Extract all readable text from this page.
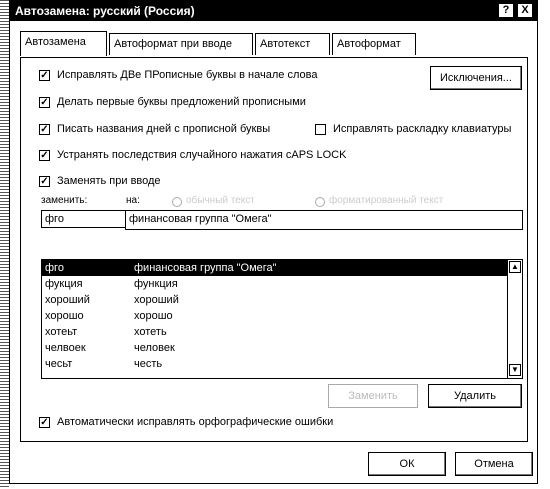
Автозамена: русский (Россия)	?	X
Автозамена	Автоформат при вводе	Автотекст	Автоформат
✓ Исправлять ДВе ПРописные буквы в начале слова	Исключения...
✓ Делать первые буквы предложений прописными
✓ Писать названия дней с прописной буквы	Исправлять раскладку клавиатуры
✓ Устранять последствия случайного нажатия cAPS LOCK
✓ Заменять при вводе
заменить:	на:	обычный текст	форматированный текст
фго	финансовая группа "Омега"
фго	финансовая группа "Омега"
фукция	функция
хороший	хороший
хорошо	хорошо
хотеьт	хотеть
челвоек	человек
чесьт	честь
▲
▼
Заменить	Удалить
✓ Автоматически исправлять орфографические ошибки
ОК	Отмена
